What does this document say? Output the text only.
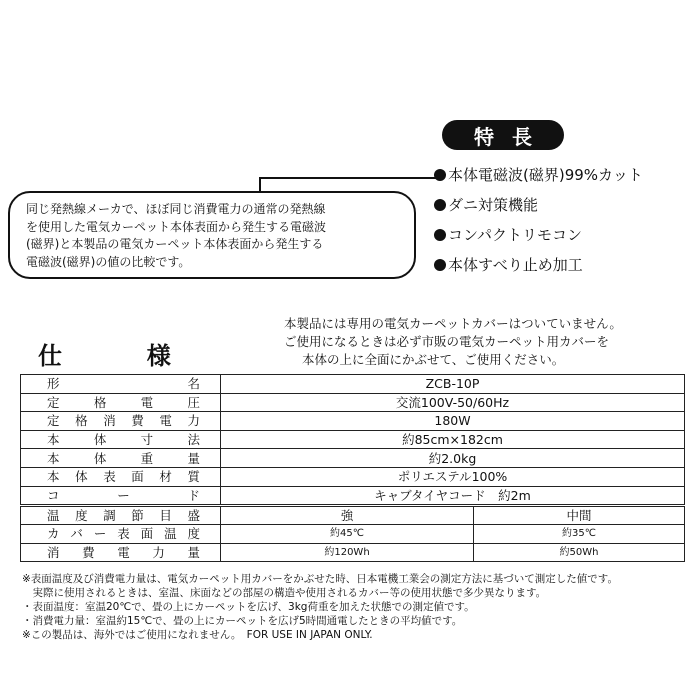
特長
本体電磁波(磁界)99%カット
ダニ対策機能
コンパクトリモコン
本体すべり止め加工
同じ発熱線メーカで、ほぼ同じ消費電力の通常の発熱線
を使用した電気カーペット本体表面から発生する電磁波
(磁界)と本製品の電気カーペット本体表面から発生する
電磁波(磁界)の値の比較です。
仕	様
本製品には専用の電気カーペットカバーはついていません。
ご使用になるときは必ず市販の電気カーペット用カバーを
本体の上に全面にかぶせて、ご使用ください。
形名	ZCB-10P	
定格電圧	交流100V-50/60Hz	
定格消費電力	180W	
本体寸法	約85cm×182cm	
本体重量	約2.0kg	
本体表面材質	ポリエステル100%	
コード	キャブタイヤコード　約2m	
温度調節目盛	強	中間
カバー表面温度	約45℃	約35℃
消費電力量	約120Wh	約50Wh
※表面温度及び消費電力量は、電気カーペット用カバーをかぶせた時、日本電機工業会の測定方法に基づいて測定した値です。
　実際に使用されるときは、室温、床面などの部屋の構造や使用されるカバー等の使用状態で多少異なります。
・表面温度：室温20℃で、畳の上にカーペットを広げ、3kg荷重を加えた状態での測定値です。
・消費電力量：室温約15℃で、畳の上にカーペットを広げ5時間通電したときの平均値です。
※この製品は、海外ではご使用になれません。　FOR USE IN JAPAN ONLY.
